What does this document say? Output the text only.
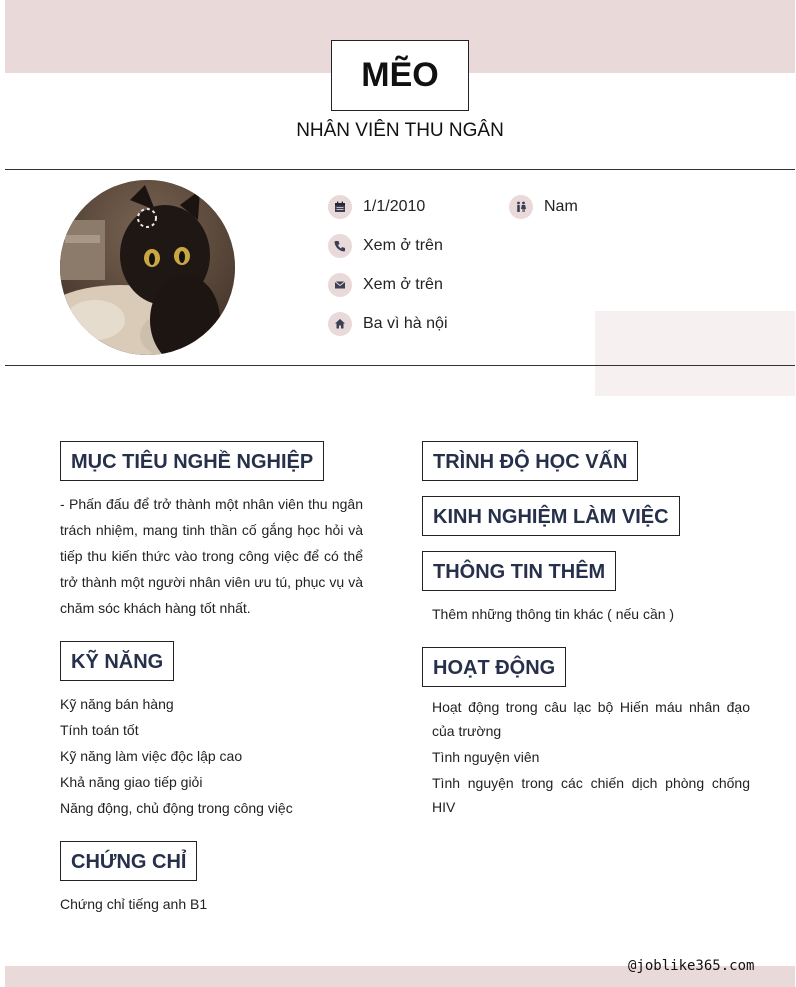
MẼO
NHÂN VIÊN THU NGÂN
1/1/2010	Nam
Xem ở trên
Xem ở trên
Ba vì hà nội
MỤC TIÊU NGHỀ NGHIỆP
- Phấn đấu để trở thành một nhân viên thu ngân trách nhiệm, mang tinh thần cố gắng học hỏi và tiếp thu kiến thức vào trong công việc để có thể trở thành một người nhân viên ưu tú, phục vụ và chăm sóc khách hàng tốt nhất.
KỸ NĂNG
Kỹ năng bán hàng
Tính toán tốt
Kỹ năng làm việc độc lập cao
Khả năng giao tiếp giỏi
Năng động, chủ động trong công việc
CHỨNG CHỈ
Chứng chỉ tiếng anh B1
TRÌNH ĐỘ HỌC VẤN
KINH NGHIỆM LÀM VIỆC
THÔNG TIN THÊM
Thêm những thông tin khác ( nếu cần )
HOẠT ĐỘNG
Hoạt động trong câu lạc bộ Hiến máu nhân đạo của trường
Tình nguyện viên
Tình nguyện trong các chiến dịch phòng chống HIV
@joblike365.com
